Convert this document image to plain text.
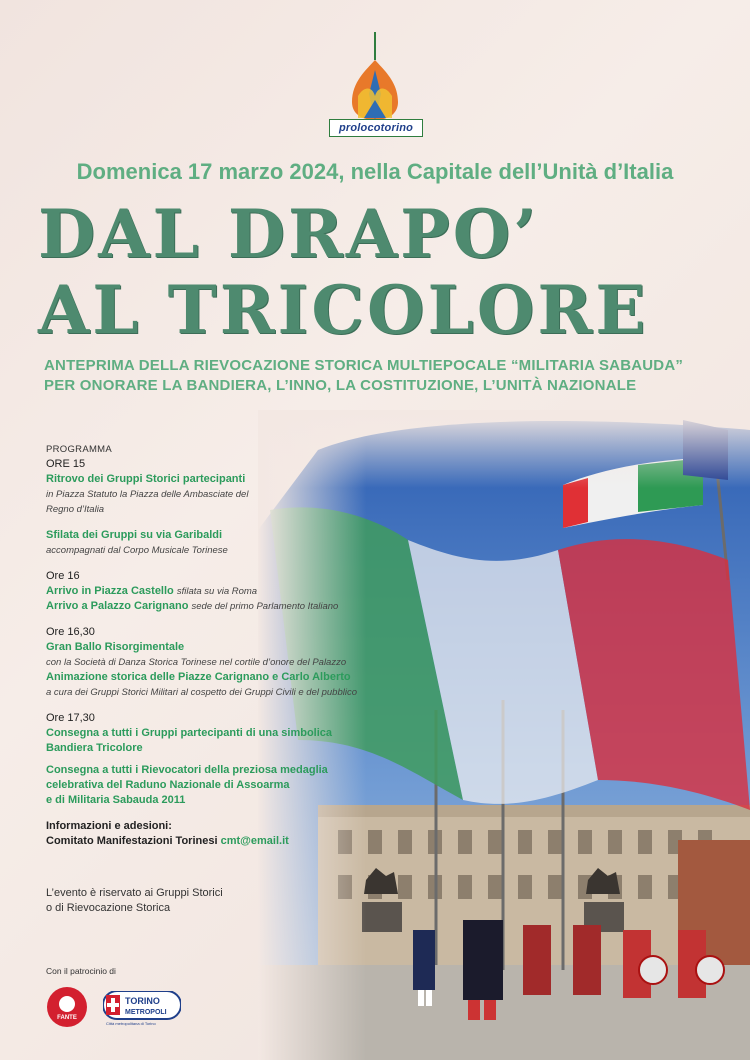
prolocotorino
Domenica 17 marzo 2024, nella Capitale dell’Unità d’Italia
DAL DRAPO’
AL TRICOLORE
ANTEPRIMA DELLA RIEVOCAZIONE STORICA MULTIEPOCALE “MILITARIA SABAUDA”
PER ONORARE LA BANDIERA, L’INNO, LA COSTITUZIONE, L’UNITÀ NAZIONALE
PROGRAMMA
ORE 15
Ritrovo dei Gruppi Storici partecipanti
in Piazza Statuto la Piazza delle Ambasciate del Regno d’Italia
Sfilata dei Gruppi su via Garibaldi
accompagnati dal Corpo Musicale Torinese
Ore 16
Arrivo in Piazza Castello sfilata su via Roma
Arrivo a Palazzo Carignano sede del primo Parlamento Italiano
Ore 16,30
Gran Ballo Risorgimentale
con la Società di Danza Storica Torinese nel cortile d’onore del Palazzo
Animazione storica delle Piazze Carignano e Carlo Alberto
a cura dei Gruppi Storici Militari al cospetto dei Gruppi Civili e del pubblico
Ore 17,30
Consegna a tutti i Gruppi partecipanti di una simbolica
Bandiera Tricolore
Consegna a tutti i Rievocatori della preziosa medaglia
celebrativa del Raduno Nazionale di Assoarma
e di Militaria Sabauda 2011
Informazioni e adesioni:
Comitato Manifestazioni Torinesi cmt@email.it
L’evento è riservato ai Gruppi Storici
o di Rievocazione Storica
Con il patrocinio di
FANTE
TORINO
METROPOLI
Città metropolitana di Torino
